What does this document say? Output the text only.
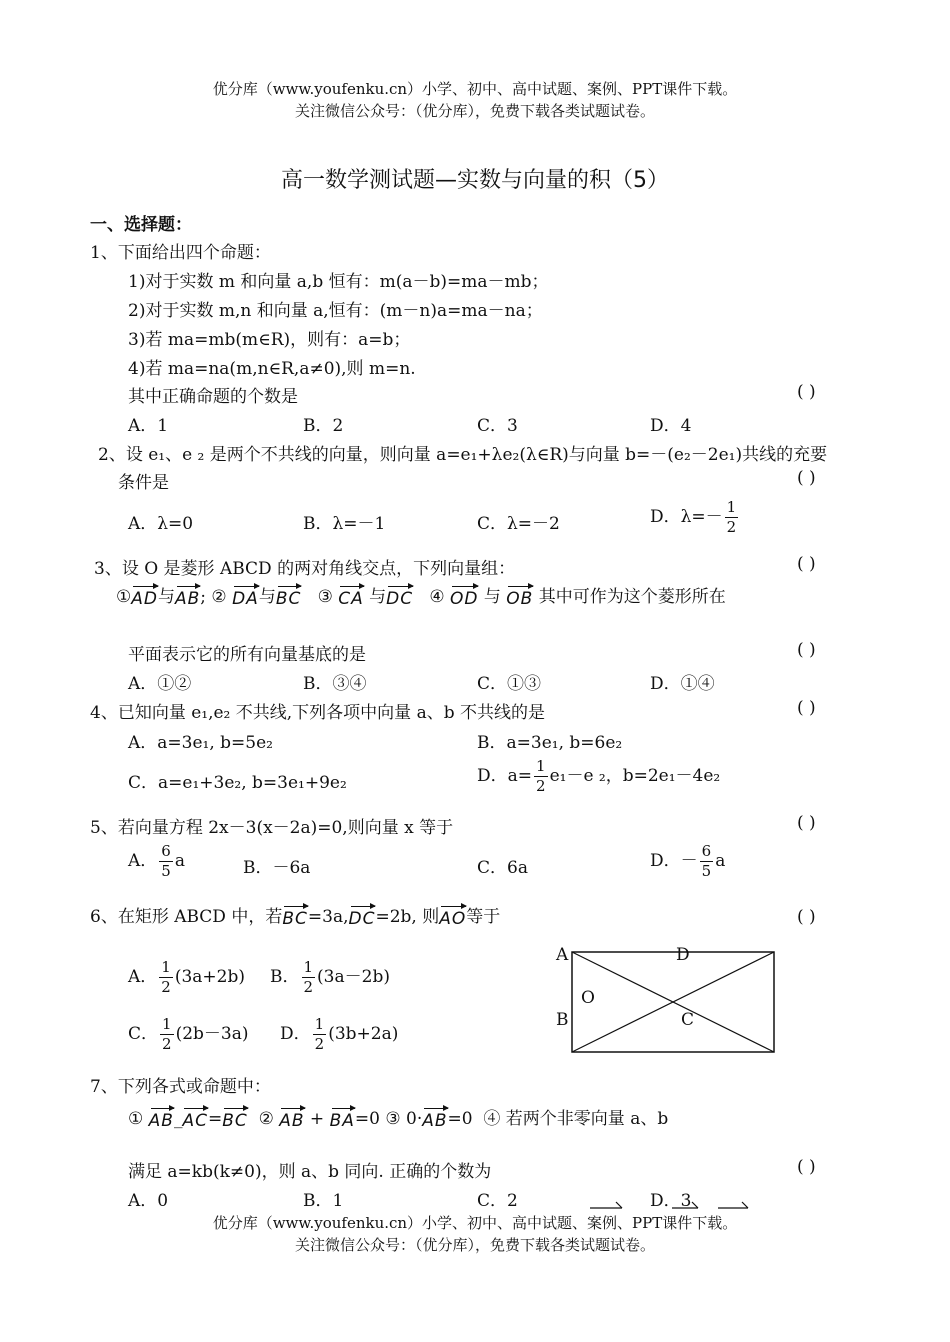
优分库（www.youfenku.cn）小学、初中、高中试题、案例、PPT课件下载。
关注微信公众号：（优分库），免费下载各类试题试卷。
高一数学测试题—实数与向量的积（5）
一、选择题：
1、下面给出四个命题：
1)对于实数 m 和向量 a,b 恒有：m(a－b)=ma－mb；
2)对于实数 m,n 和向量 a,恒有：(m－n)a=ma－na；
3)若 ma=mb(m∈R)，则有：a=b；
4)若 ma=na(m,n∈R,a≠0),则 m=n.
其中正确命题的个数是	( )
A．1	B．2	C．3	D．4
2、设 e₁、e ₂ 是两个不共线的向量，则向量 a=e₁+λe₂(λ∈R)与向量 b=－(e₂－2e₁)共线的充要
条件是	( )
A．λ=0	B．λ=－1	C．λ=－2	D．$\lambda=- \frac{1}{2}$
3、设 O 是菱形 ABCD 的两对角线交点，下列向量组：	( )
①AD与AB; ② DA与BC ③ CA 与DC ④ OD 与 OB 其中可作为这个菱形所在
平面表示它的所有向量基底的是	( )
A．①②	B．③④	C．①③	D．①④
4、已知向量 e₁,e₂ 不共线,下列各项中向量 a、b 不共线的是	( )
A．a=3e₁, b=5e₂	B．a=3e₁, b=6e₂
C．a=e₁+3e₂, b=3e₁+9e₂	D．$a= \frac{1}{2} e_1-e$ ₂，b=2e₁－4e₂
5、若向量方程 2x－3(x－2a)=0,则向量 x 等于	( )
A． $\frac{6}{5}$ a	B．－6a	C．6a	D．－ $\frac{6}{5}$ a
6、在矩形 ABCD 中，若BC=3a,DC=2b, 则AO等于	( )
A． $\frac{1}{2} (3a+2b)$ B． $\frac{1}{2} (3a-2b)$
C． $\frac{1}{2} (2b-3a)$ D． $\frac{1}{2} (3b+2a)$
A	D
O
B	C
7、下列各式或命题中：
① AB_AC=BC ② AB + BA=0 ③ 0·AB=0 ④ 若两个非零向量 a、b
满足 a=kb(k≠0)，则 a、b 同向. 正确的个数为	( )
A．0	B．1	C．2	D．3
优分库（www.youfenku.cn）小学、初中、高中试题、案例、PPT课件下载。
关注微信公众号：（优分库），免费下载各类试题试卷。
